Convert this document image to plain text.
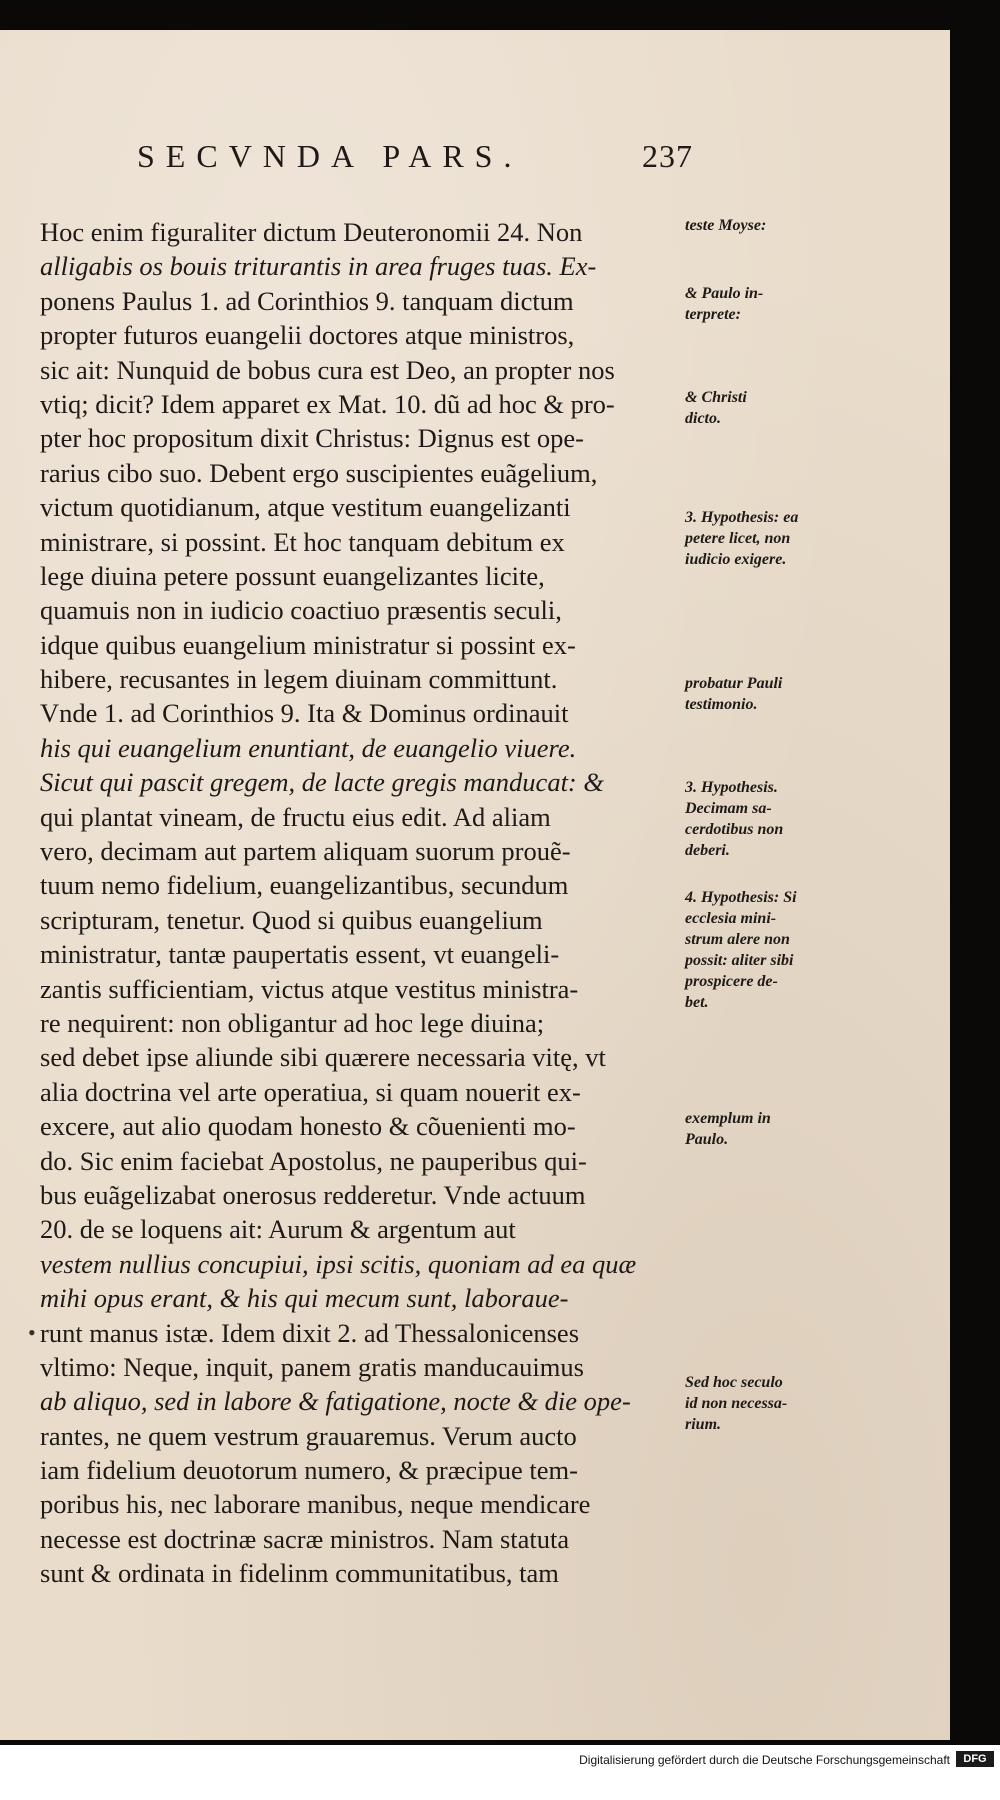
SECVNDA PARS.	237
Hoc enim figuraliter dictum Deuteronomii 24. Non
alligabis os bouis triturantis in area fruges tuas. Ex-
ponens Paulus 1. ad Corinthios 9. tanquam dictum
propter futuros euangelii doctores atque ministros,
sic ait: Nunquid de bobus cura est Deo, an propter nos
vtiq; dicit? Idem apparet ex Mat. 10. dũ ad hoc & pro-
pter hoc propositum dixit Christus: Dignus est ope-
rarius cibo suo. Debent ergo suscipientes euãgelium,
victum quotidianum, atque vestitum euangelizanti
ministrare, si possint. Et hoc tanquam debitum ex
lege diuina petere possunt euangelizantes licite,
quamuis non in iudicio coactiuo præsentis seculi,
idque quibus euangelium ministratur si possint ex-
hibere, recusantes in legem diuinam committunt.
Vnde 1. ad Corinthios 9. Ita & Dominus ordinauit
his qui euangelium enuntiant, de euangelio viuere.
Sicut qui pascit gregem, de lacte gregis manducat: &
qui plantat vineam, de fructu eius edit. Ad aliam
vero, decimam aut partem aliquam suorum prouẽ-
tuum nemo fidelium, euangelizantibus, secundum
scripturam, tenetur. Quod si quibus euangelium
ministratur, tantæ paupertatis essent, vt euangeli-
zantis sufficientiam, victus atque vestitus ministra-
re nequirent: non obligantur ad hoc lege diuina;
sed debet ipse aliunde sibi quærere necessaria vitę, vt
alia doctrina vel arte operatiua, si quam nouerit ex-
excere, aut alio quodam honesto & cõuenienti mo-
do. Sic enim faciebat Apostolus, ne pauperibus qui-
bus euãgelizabat onerosus redderetur. Vnde actuum
20. de se loquens ait: Aurum & argentum aut
vestem nullius concupiui, ipsi scitis, quoniam ad ea quæ
mihi opus erant, & his qui mecum sunt, laboraue-
runt manus istæ. Idem dixit 2. ad Thessalonicenses
vltimo: Neque, inquit, panem gratis manducauimus
ab aliquo, sed in labore & fatigatione, nocte & die ope-
rantes, ne quem vestrum grauaremus. Verum aucto
iam fidelium deuotorum numero, & præcipue tem-
poribus his, nec laborare manibus, neque mendicare
necesse est doctrinæ sacræ ministros. Nam statuta
sunt & ordinata in fidelinm communitatibus, tam
teste Moyse:
& Paulo in-
terprete:
& Christi
dicto.
3. Hypothesis: ea
petere licet, non
iudicio exigere.
probatur Pauli
testimonio.
3. Hypothesis.
Decimam sa-
cerdotibus non
deberi.
4. Hypothesis: Si
ecclesia mini-
strum alere non
possit: aliter sibi
prospicere de-
bet.
exemplum in
Paulo.
Sed hoc seculo
id non necessa-
rium.
•
Digitalisierung gefördert durch die Deutsche Forschungsgemeinschaft	DFG
